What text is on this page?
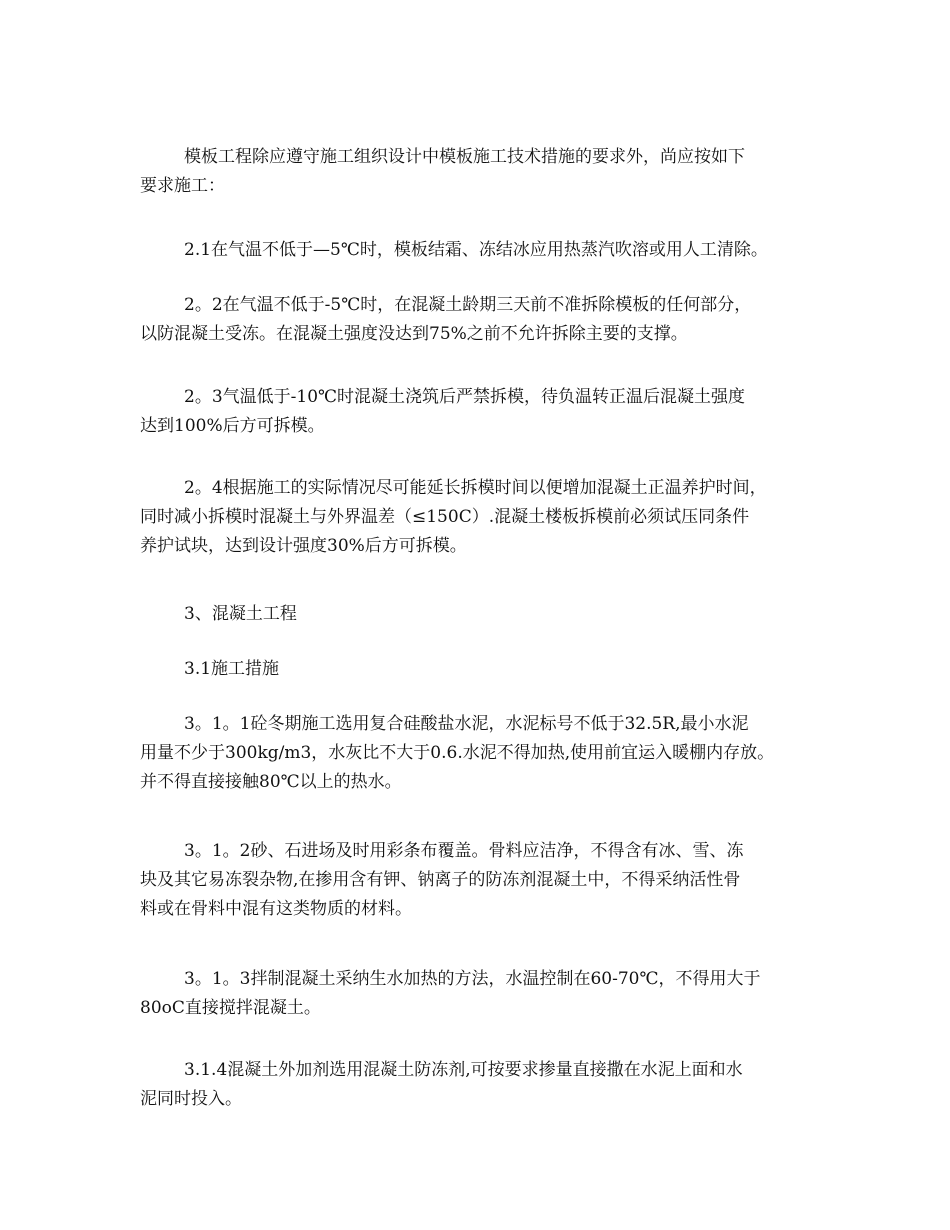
模板工程除应遵守施工组织设计中模板施工技术措施的要求外，尚应按如下
要求施工：

2.1在气温不低于—5℃时，模板结霜、冻结冰应用热蒸汽吹溶或用人工清除。

2。2在气温不低于-5℃时，在混凝土龄期三天前不准拆除模板的任何部分，
以防混凝土受冻。在混凝土强度没达到75%之前不允许拆除主要的支撑。

2。3气温低于-10℃时混凝土浇筑后严禁拆模，待负温转正温后混凝土强度
达到100%后方可拆模。

2。4根据施工的实际情况尽可能延长拆模时间以便增加混凝土正温养护时间，
同时减小拆模时混凝土与外界温差（≤150C）.混凝土楼板拆模前必须试压同条件
养护试块，达到设计强度30%后方可拆模。

3、混凝土工程

3.1施工措施

3。1。1砼冬期施工选用复合硅酸盐水泥，水泥标号不低于32.5R,最小水泥
用量不少于300kg/m3，水灰比不大于0.6.水泥不得加热,使用前宜运入暖棚内存放。
并不得直接接触80℃以上的热水。

3。1。2砂、石进场及时用彩条布覆盖。骨料应洁净，不得含有冰、雪、冻
块及其它易冻裂杂物,在掺用含有钾、钠离子的防冻剂混凝土中，不得采纳活性骨
料或在骨料中混有这类物质的材料。

3。1。3拌制混凝土采纳生水加热的方法，水温控制在60-70℃，不得用大于
80oC直接搅拌混凝土。

3.1.4混凝土外加剂选用混凝土防冻剂,可按要求掺量直接撒在水泥上面和水
泥同时投入。
